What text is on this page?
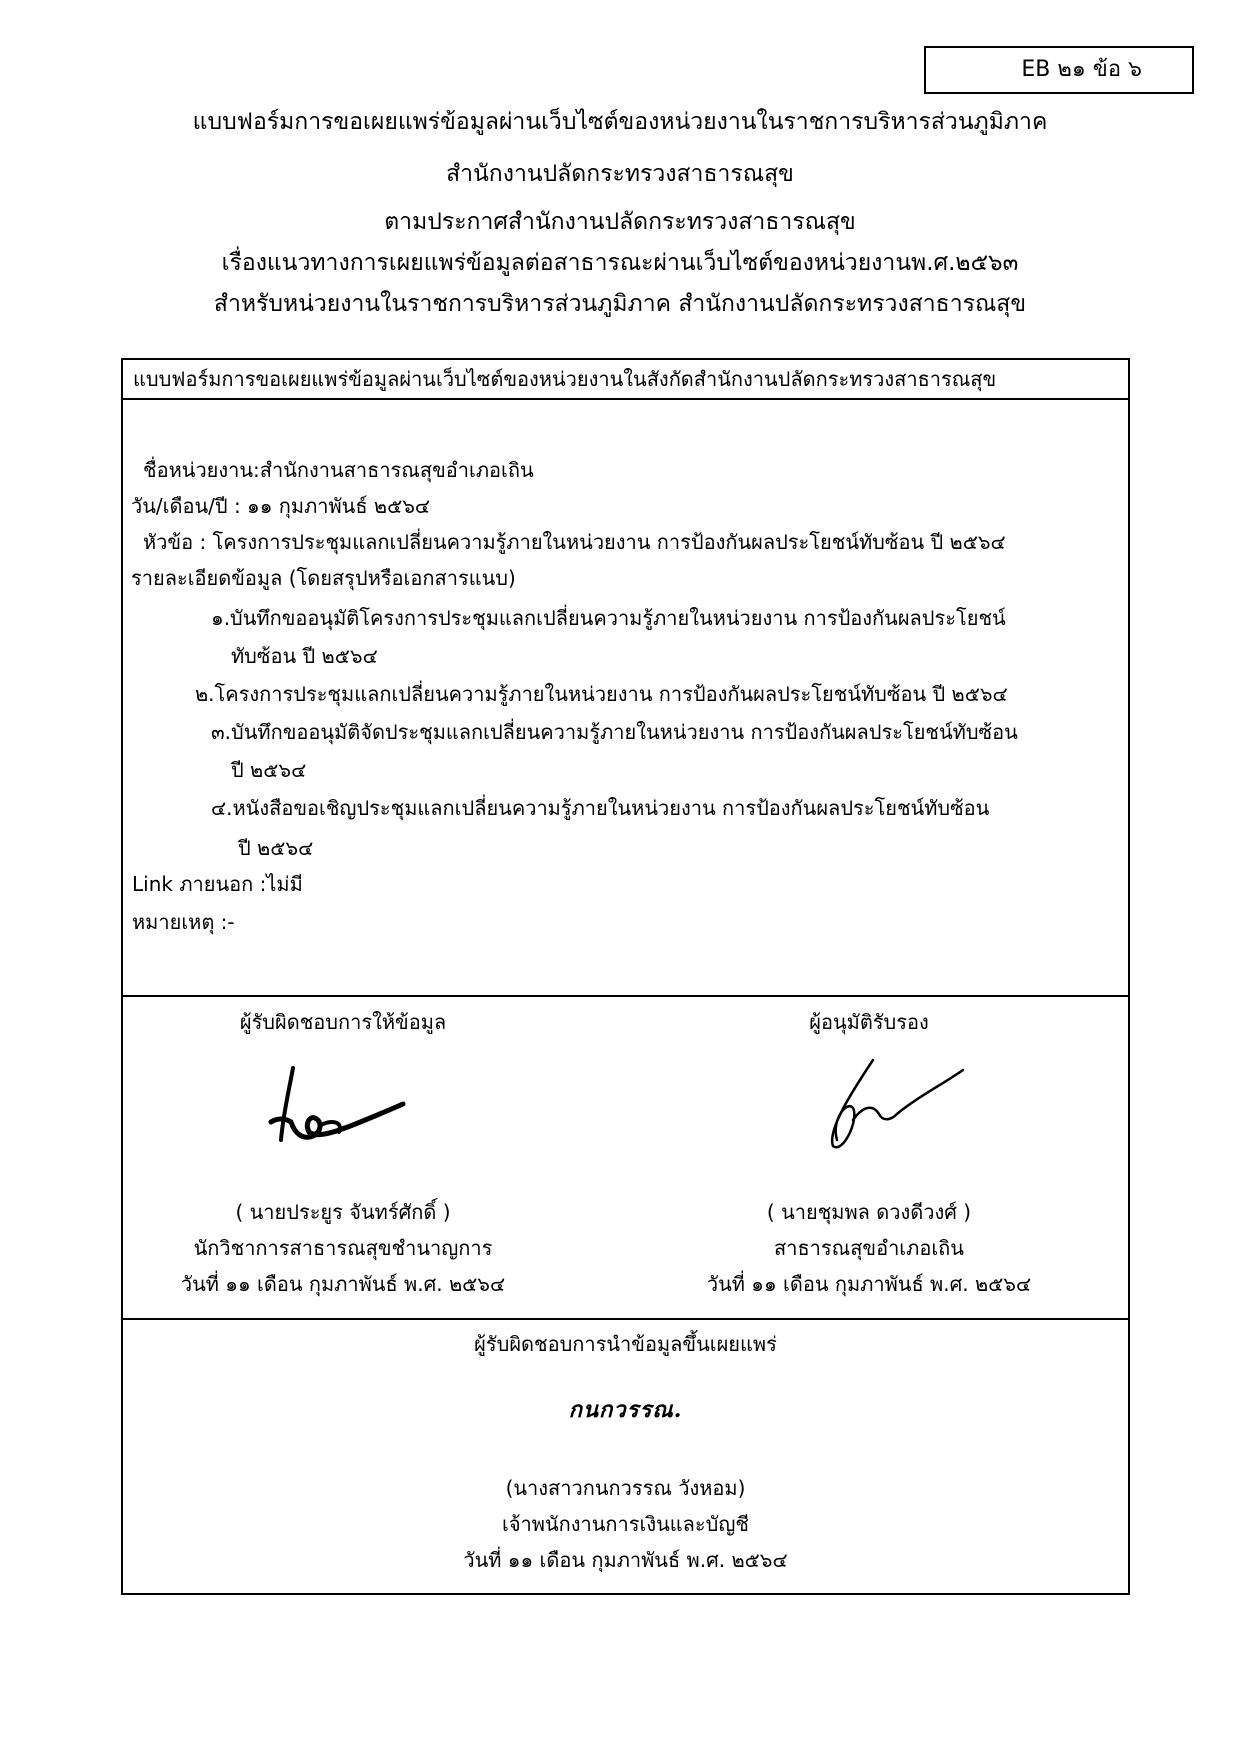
EB ๒๑ ข้อ ๖
แบบฟอร์มการขอเผยแพร่ข้อมูลผ่านเว็บไซต์ของหน่วยงานในราชการบริหารส่วนภูมิภาค
สำนักงานปลัดกระทรวงสาธารณสุข
ตามประกาศสำนักงานปลัดกระทรวงสาธารณสุข
เรื่องแนวทางการเผยแพร่ข้อมูลต่อสาธารณะผ่านเว็บไซต์ของหน่วยงานพ.ศ.๒๕๖๓
สำหรับหน่วยงานในราชการบริหารส่วนภูมิภาค สำนักงานปลัดกระทรวงสาธารณสุข
แบบฟอร์มการขอเผยแพร่ข้อมูลผ่านเว็บไซต์ของหน่วยงานในสังกัดสำนักงานปลัดกระทรวงสาธารณสุข
ชื่อหน่วยงาน:สำนักงานสาธารณสุขอำเภอเถิน
วัน/เดือน/ปี : ๑๑ กุมภาพันธ์ ๒๕๖๔
หัวข้อ : โครงการประชุมแลกเปลี่ยนความรู้ภายในหน่วยงาน การป้องกันผลประโยชน์ทับซ้อน ปี ๒๕๖๔
รายละเอียดข้อมูล (โดยสรุปหรือเอกสารแนบ)
๑.บันทึกขออนุมัติโครงการประชุมแลกเปลี่ยนความรู้ภายในหน่วยงาน การป้องกันผลประโยชน์
ทับซ้อน ปี ๒๕๖๔
๒.โครงการประชุมแลกเปลี่ยนความรู้ภายในหน่วยงาน การป้องกันผลประโยชน์ทับซ้อน ปี ๒๕๖๔
๓.บันทึกขออนุมัติจัดประชุมแลกเปลี่ยนความรู้ภายในหน่วยงาน การป้องกันผลประโยชน์ทับซ้อน
ปี ๒๕๖๔
๔.หนังสือขอเชิญประชุมแลกเปลี่ยนความรู้ภายในหน่วยงาน การป้องกันผลประโยชน์ทับซ้อน
ปี ๒๕๖๔
Link ภายนอก :ไม่มี
หมายเหตุ :-
ผู้รับผิดชอบการให้ข้อมูล	ผู้อนุมัติรับรอง
( นายประยูร จันทร์ศักดิ์ )
นักวิชาการสาธารณสุขชำนาญการ
วันที่ ๑๑ เดือน กุมภาพันธ์ พ.ศ. ๒๕๖๔
( นายชุมพล ดวงดีวงศ์ )
สาธารณสุขอำเภอเถิน
วันที่ ๑๑ เดือน กุมภาพันธ์ พ.ศ. ๒๕๖๔
ผู้รับผิดชอบการนำข้อมูลขึ้นเผยแพร่
กนกวรรณ.
(นางสาวกนกวรรณ วังหอม)
เจ้าพนักงานการเงินและบัญชี
วันที่ ๑๑ เดือน กุมภาพันธ์ พ.ศ. ๒๕๖๔
